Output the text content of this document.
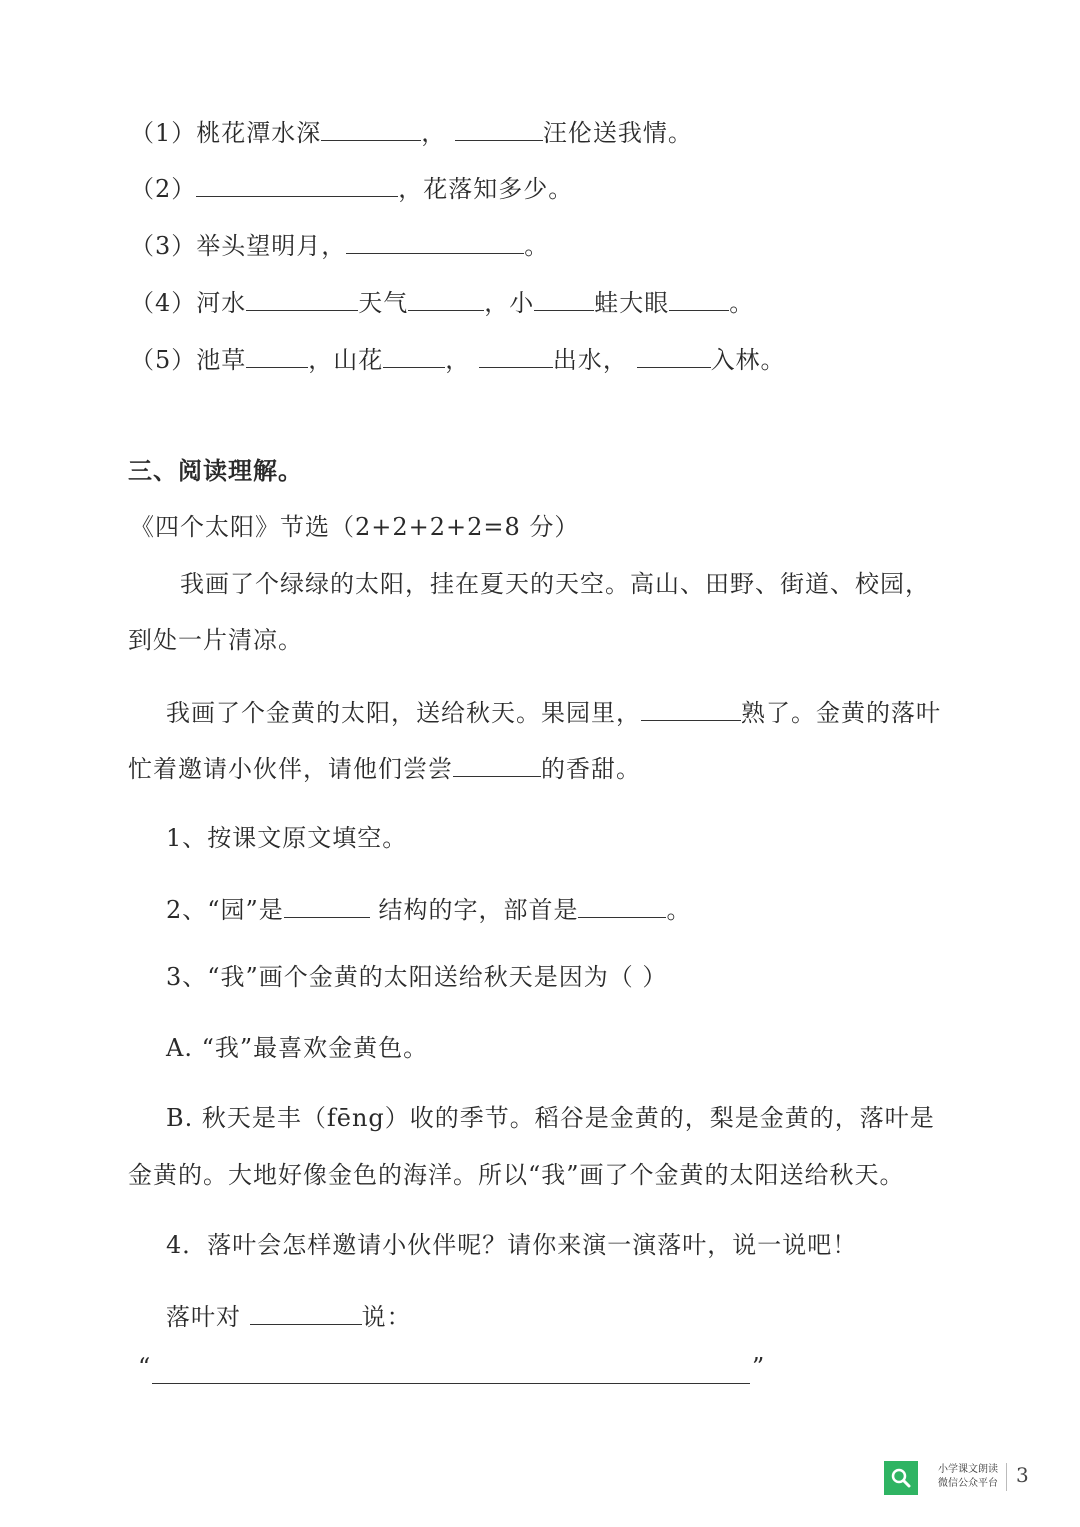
（1）桃花潭水深	，	汪伦送我情。

（2）	，花落知多少。

（3）举头望明月，	。

（4）河水	天气	，小	蛙大眼	。

（5）池草	，山花	，	出水，	入林。

三、阅读理解。

《四个太阳》节选（2+2+2+2=8 分）

我画了个绿绿的太阳，挂在夏天的天空。高山、田野、街道、校园，

到处一片清凉。

我画了个金黄的太阳，送给秋天。果园里，	熟了。金黄的落叶

忙着邀请小伙伴，请他们尝尝	的香甜。

1、按课文原文填空。

2、“园”是	结构的字，部首是	。

3、“我”画个金黄的太阳送给秋天是因为（ ）

A. “我”最喜欢金黄色。

B. 秋天是丰（fēng）收的季节。稻谷是金黄的，梨是金黄的，落叶是

金黄的。大地好像金色的海洋。所以“我”画了个金黄的太阳送给秋天。

4．落叶会怎样邀请小伙伴呢？请你来演一演落叶，说一说吧！

落叶对	说：

“	”
小学课文朗读
微信公众平台 3
